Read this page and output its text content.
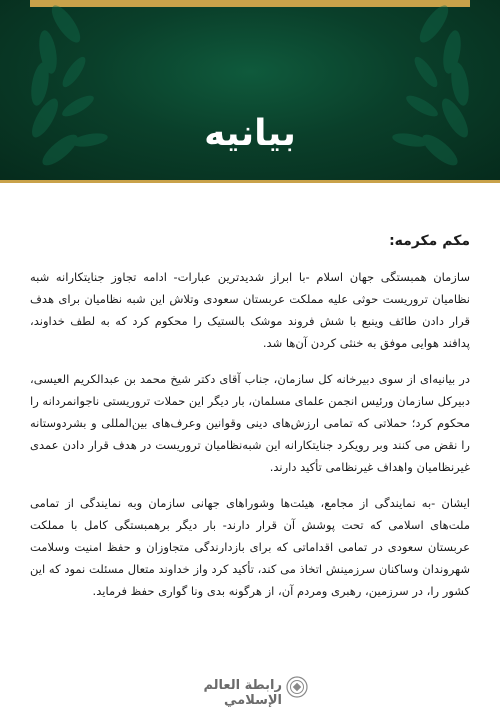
بیانیه

مکم مکرمه:

سازمان همبستگی جهان اسلام -با ابراز شدیدترین عبارات- ادامه تجاوز جنایتکارانه شبه نظامیان تروریست حوثی علیه مملکت عربستان سعودی وتلاش این شبه نظامیان برای هدف قرار دادن طائف وینبع با شش فروند موشک بالستیک را محکوم کرد که به لطف خداوند، پدافند هوایی موفق به خنثی کردن آن‌ها شد.

در بیانیه‌ای از سوی دبیرخانه کل سازمان، جناب آقای دکتر شیخ محمد بن عبدالکریم العیسی، دبیرکل سازمان ورئیس انجمن علمای مسلمان، بار دیگر این حملات تروریستی ناجوانمردانه را محکوم کرد؛ حملاتی که تمامی ارزش‌های دینی وقوانین وعرف‌های بین‌المللی و بشردوستانه را نقض می کنند وبر رویکرد جنایتکارانه این شبه‌نظامیان تروریست در هدف قرار دادن عمدی غیرنظامیان واهداف غیرنظامی تأکید دارند.

ایشان -به نمایندگی از مجامع، هیئت‌ها وشوراهای جهانی سازمان وبه نمایندگی از تمامی ملت‌های اسلامی که تحت پوشش آن قرار دارند- بار دیگر برهمبستگی کامل با مملکت عربستان سعودی در تمامی اقداماتی که برای بازدارندگی متجاوزان و حفظ امنیت وسلامت شهروندان وساکنان سرزمینش اتخاذ می کند، تأکید کرد واز خداوند متعال مسئلت نمود که این کشور را، در سرزمین، رهبری ومردم آن، از هرگونه بدی ونا گواری حفظ فرماید.

رابطة العالم الإسلامي
